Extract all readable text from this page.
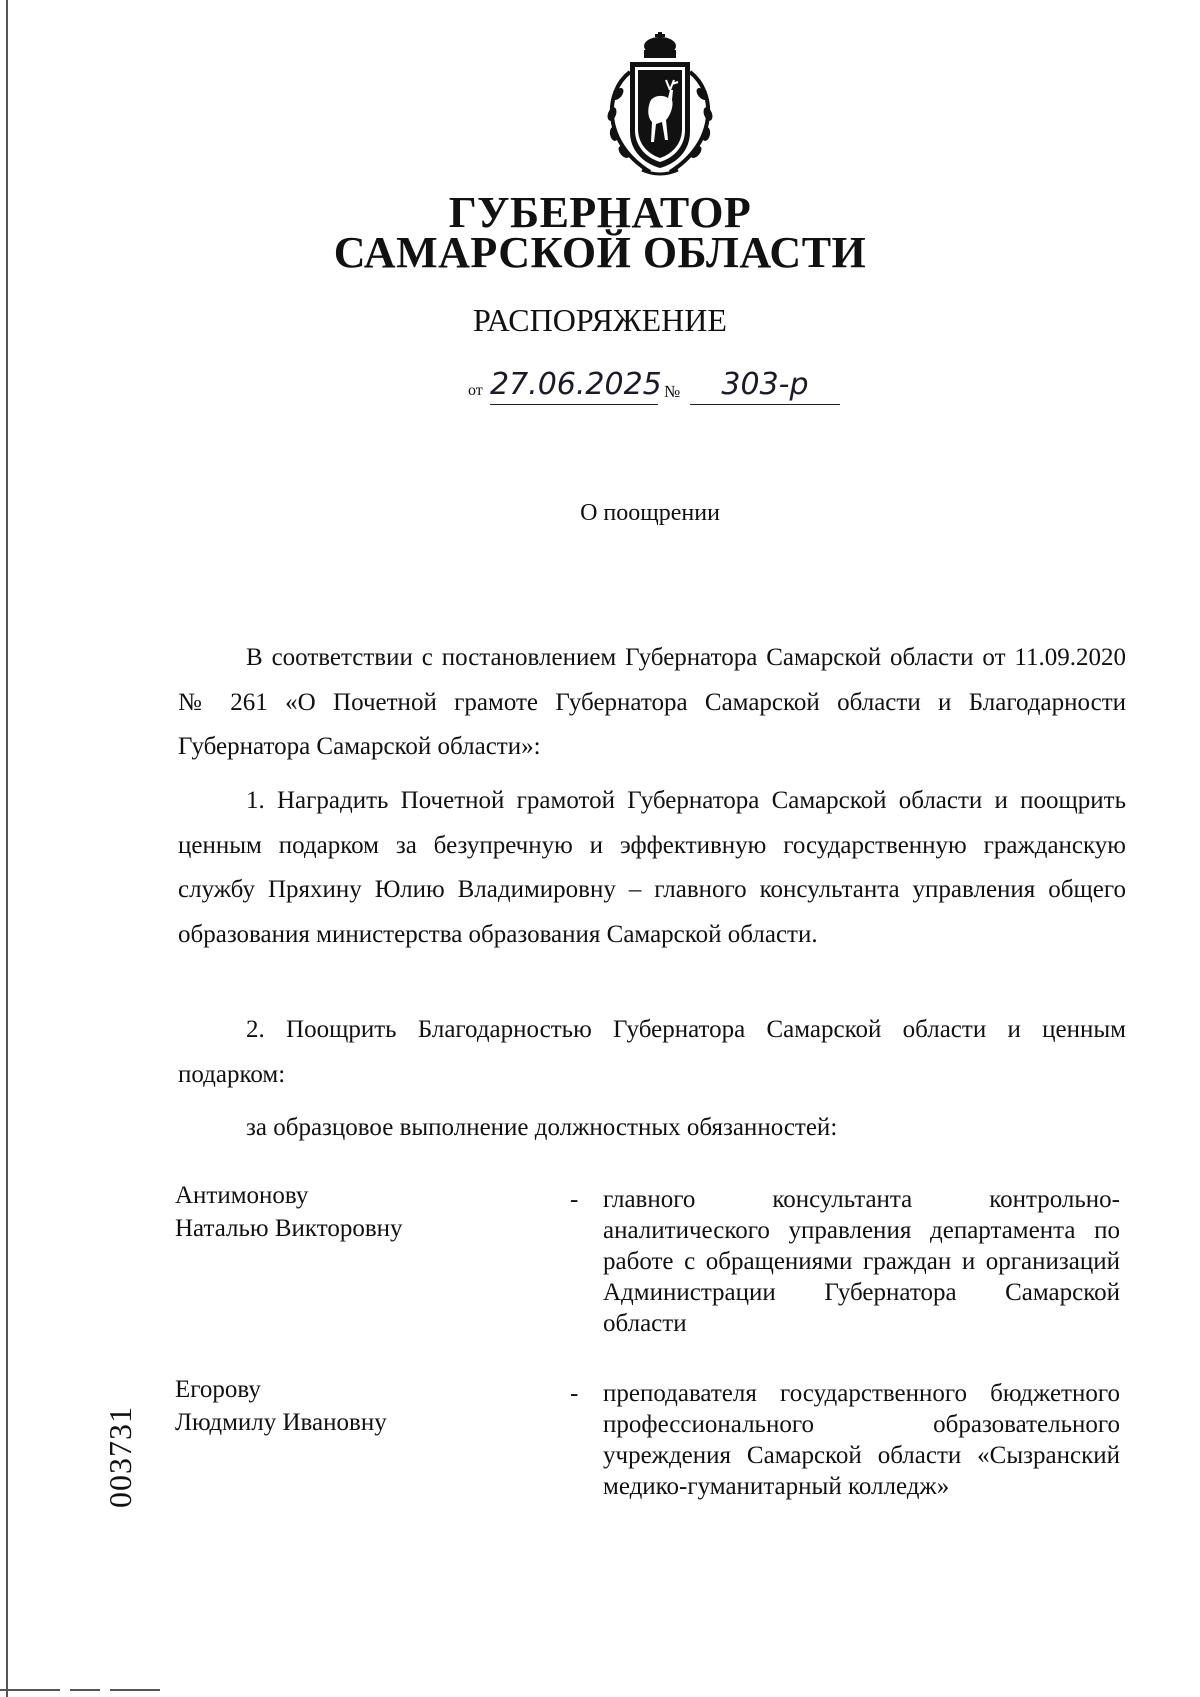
ГУБЕРНАТОР
САМАРСКОЙ ОБЛАСТИ
РАСПОРЯЖЕНИЕ
от 27.06.2025 №	303-р
О поощрении
В соответствии с постановлением Губернатора Самарской области от 11.09.2020 № 261 «О Почетной грамоте Губернатора Самарской области и Благодарности Губернатора Самарской области»:
1. Наградить Почетной грамотой Губернатора Самарской области и поощрить ценным подарком за безупречную и эффективную государственную гражданскую службу Пряхину Юлию Владимировну – главного консультанта управления общего образования министерства образования Самарской области.
2. Поощрить Благодарностью Губернатора Самарской области и ценным подарком:
за образцовое выполнение должностных обязанностей:
Антимонову
Наталью Викторовну
- главного консультанта контрольно-аналитического управления департамента по работе с обращениями граждан и организаций Администрации Губернатора Самарской области
Егорову
Людмилу Ивановну
- преподавателя государственного бюджетного профессионального образовательного учреждения Самарской области «Сызранский медико-гуманитарный колледж»
003731
